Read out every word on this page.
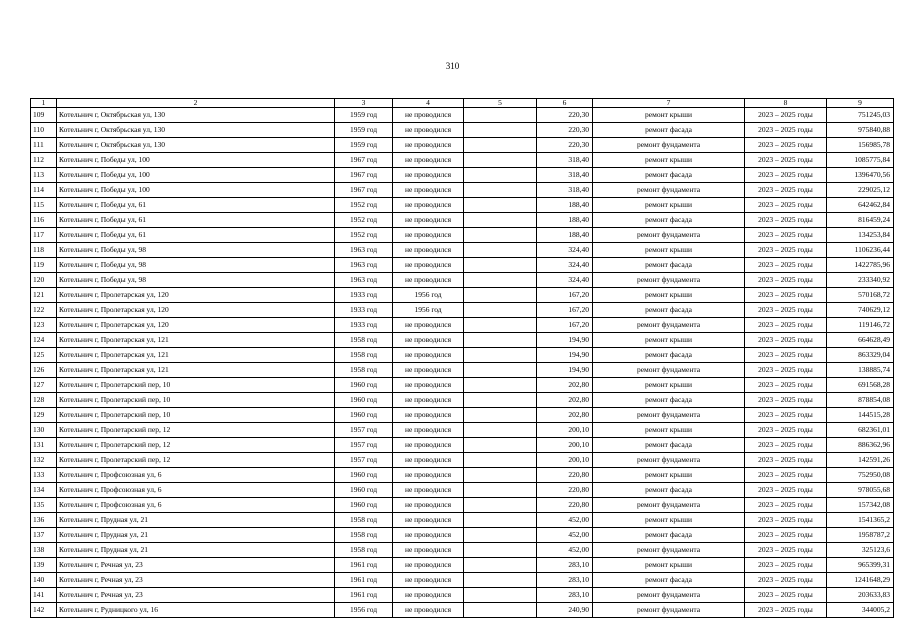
310
1	2	3	4	5	6	7	8	9
109	Котельнич г, Октябрьская ул, 130	1959 год	не проводился		220,30	ремонт крыши	2023 – 2025 годы	751245,03
110	Котельнич г, Октябрьская ул, 130	1959 год	не проводился		220,30	ремонт фасада	2023 – 2025 годы	975840,88
111	Котельнич г, Октябрьская ул, 130	1959 год	не проводился		220,30	ремонт фундамента	2023 – 2025 годы	156985,78
112	Котельнич г, Победы ул, 100	1967 год	не проводился		318,40	ремонт крыши	2023 – 2025 годы	1085775,84
113	Котельнич г, Победы ул, 100	1967 год	не проводился		318,40	ремонт фасада	2023 – 2025 годы	1396470,56
114	Котельнич г, Победы ул, 100	1967 год	не проводился		318,40	ремонт фундамента	2023 – 2025 годы	229025,12
115	Котельнич г, Победы ул, 61	1952 год	не проводился		188,40	ремонт крыши	2023 – 2025 годы	642462,84
116	Котельнич г, Победы ул, 61	1952 год	не проводился		188,40	ремонт фасада	2023 – 2025 годы	816459,24
117	Котельнич г, Победы ул, 61	1952 год	не проводился		188,40	ремонт фундамента	2023 – 2025 годы	134253,84
118	Котельнич г, Победы ул, 98	1963 год	не проводился		324,40	ремонт крыши	2023 – 2025 годы	1106236,44
119	Котельнич г, Победы ул, 98	1963 год	не проводился		324,40	ремонт фасада	2023 – 2025 годы	1422785,96
120	Котельнич г, Победы ул, 98	1963 год	не проводился		324,40	ремонт фундамента	2023 – 2025 годы	233340,92
121	Котельнич г, Пролетарская ул, 120	1933 год	1956 год		167,20	ремонт крыши	2023 – 2025 годы	570168,72
122	Котельнич г, Пролетарская ул, 120	1933 год	1956 год		167,20	ремонт фасада	2023 – 2025 годы	740629,12
123	Котельнич г, Пролетарская ул, 120	1933 год	не проводился		167,20	ремонт фундамента	2023 – 2025 годы	119146,72
124	Котельнич г, Пролетарская ул, 121	1958 год	не проводился		194,90	ремонт крыши	2023 – 2025 годы	664628,49
125	Котельнич г, Пролетарская ул, 121	1958 год	не проводился		194,90	ремонт фасада	2023 – 2025 годы	863329,04
126	Котельнич г, Пролетарская ул, 121	1958 год	не проводился		194,90	ремонт фундамента	2023 – 2025 годы	138885,74
127	Котельнич г, Пролетарский пер, 10	1960 год	не проводился		202,80	ремонт крыши	2023 – 2025 годы	691568,28
128	Котельнич г, Пролетарский пер, 10	1960 год	не проводился		202,80	ремонт фасада	2023 – 2025 годы	878854,08
129	Котельнич г, Пролетарский пер, 10	1960 год	не проводился		202,80	ремонт фундамента	2023 – 2025 годы	144515,28
130	Котельнич г, Пролетарский пер, 12	1957 год	не проводился		200,10	ремонт крыши	2023 – 2025 годы	682361,01
131	Котельнич г, Пролетарский пер, 12	1957 год	не проводился		200,10	ремонт фасада	2023 – 2025 годы	886362,96
132	Котельнич г, Пролетарский пер, 12	1957 год	не проводился		200,10	ремонт фундамента	2023 – 2025 годы	142591,26
133	Котельнич г, Профсоюзная ул, 6	1960 год	не проводился		220,80	ремонт крыши	2023 – 2025 годы	752950,08
134	Котельнич г, Профсоюзная ул, 6	1960 год	не проводился		220,80	ремонт фасада	2023 – 2025 годы	978055,68
135	Котельнич г, Профсоюзная ул, 6	1960 год	не проводился		220,80	ремонт фундамента	2023 – 2025 годы	157342,08
136	Котельнич г, Прудная ул, 21	1958 год	не проводился		452,00	ремонт крыши	2023 – 2025 годы	1541365,2
137	Котельнич г, Прудная ул, 21	1958 год	не проводился		452,00	ремонт фасада	2023 – 2025 годы	1958787,2
138	Котельнич г, Прудная ул, 21	1958 год	не проводился		452,00	ремонт фундамента	2023 – 2025 годы	325123,6
139	Котельнич г, Речная ул, 23	1961 год	не проводился		283,10	ремонт крыши	2023 – 2025 годы	965399,31
140	Котельнич г, Речная ул, 23	1961 год	не проводился		283,10	ремонт фасада	2023 – 2025 годы	1241648,29
141	Котельнич г, Речная ул, 23	1961 год	не проводился		283,10	ремонт фундамента	2023 – 2025 годы	203633,83
142	Котельнич г, Рудницкого ул, 16	1956 год	не проводился		240,90	ремонт фундамента	2023 – 2025 годы	344005,2
